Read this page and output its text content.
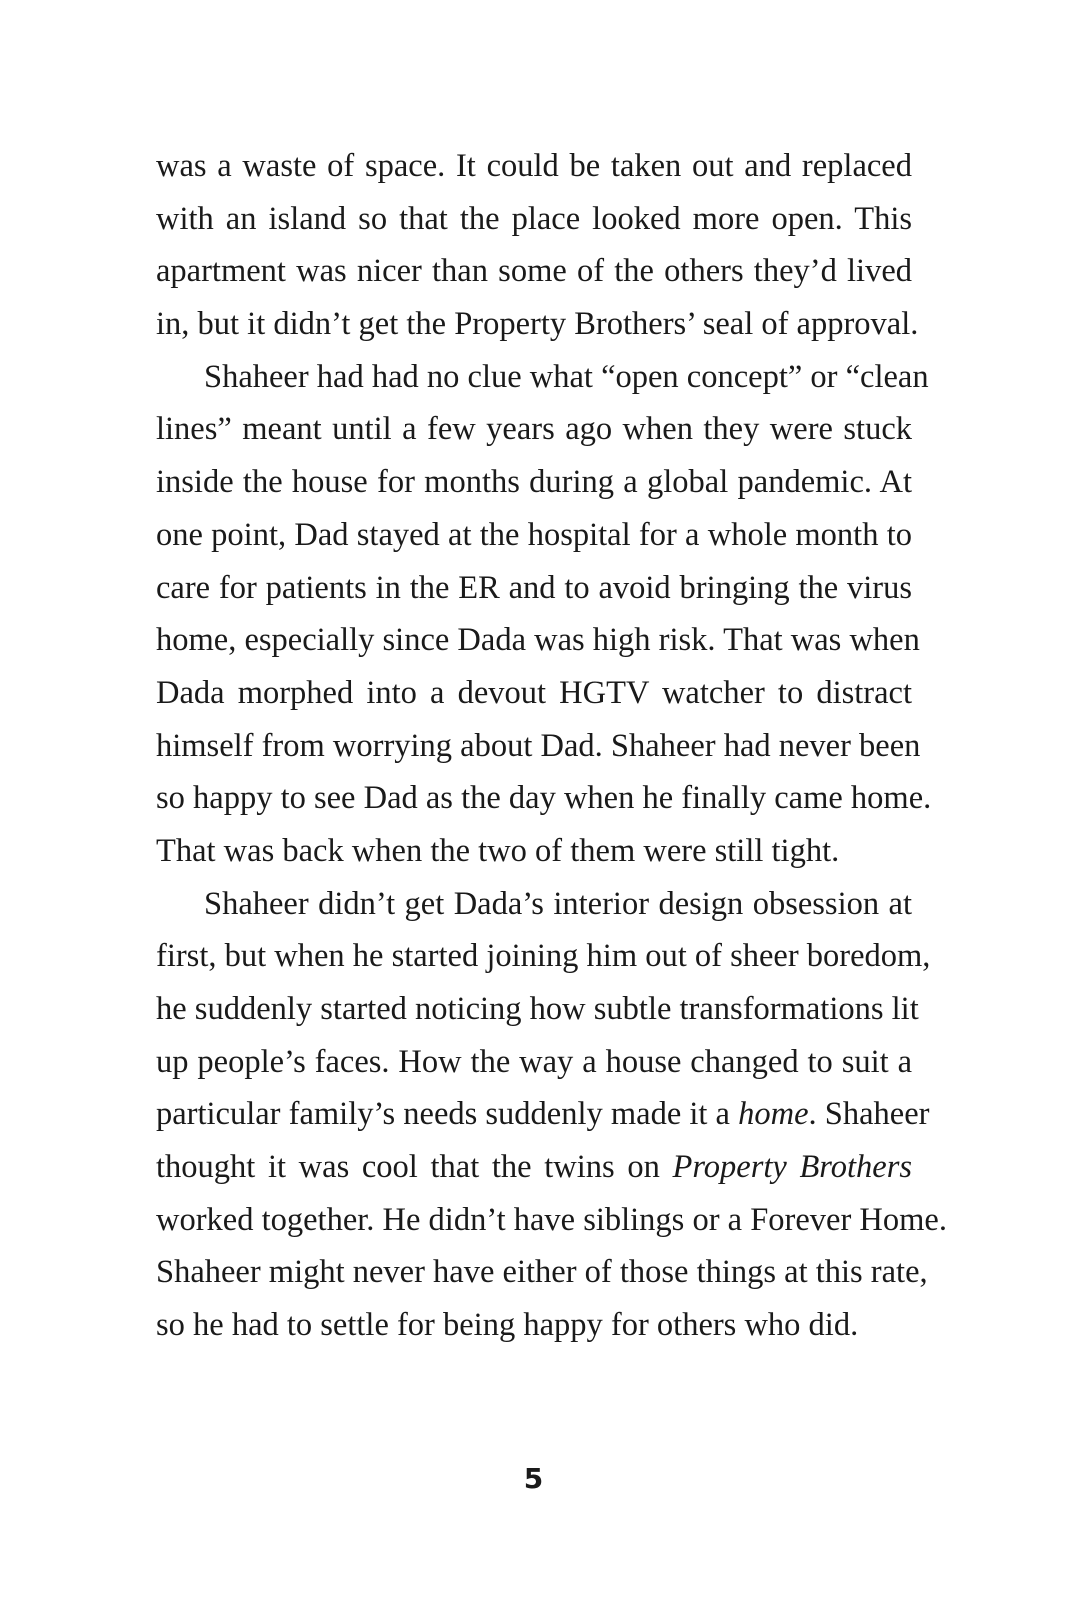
was a waste of space. It could be taken out and replaced
with an island so that the place looked more open. This
apartment was nicer than some of the others they’d lived
in, but it didn’t get the Property Brothers’ seal of approval.
Shaheer had had no clue what “open concept” or “clean
lines” meant until a few years ago when they were stuck
inside the house for months during a global pandemic. At
one point, Dad stayed at the hospital for a whole month to
care for patients in the ER and to avoid bringing the virus
home, especially since Dada was high risk. That was when
Dada morphed into a devout HGTV watcher to distract
himself from worrying about Dad. Shaheer had never been
so happy to see Dad as the day when he finally came home.
That was back when the two of them were still tight.
Shaheer didn’t get Dada’s interior design obsession at
first, but when he started joining him out of sheer boredom,
he suddenly started noticing how subtle transformations lit
up people’s faces. How the way a house changed to suit a
particular family’s needs suddenly made it a home. Shaheer
thought it was cool that the twins on Property Brothers
worked together. He didn’t have siblings or a Forever Home.
Shaheer might never have either of those things at this rate,
so he had to settle for being happy for others who did.
5
